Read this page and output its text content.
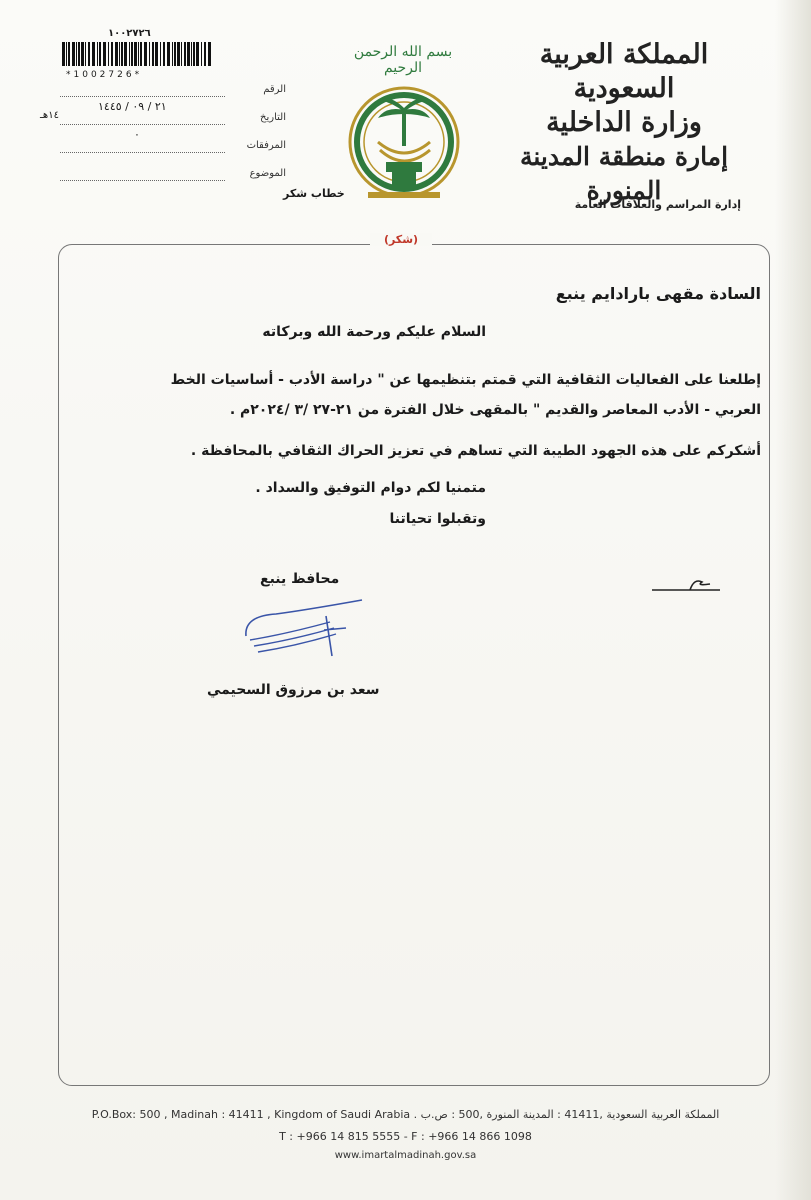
المملكة العربية السعودية
وزارة الداخلية
إمارة منطقة المدينة المنورة
إدارة المراسم والعلاقات العامة
بسم الله الرحمن الرحيم
١٠٠٢٧٢٦
*1002726*
الرقم
التاريخ
٢١ / ٠٩ / ١٤٤٥
١٤هـ
المرفقات
٠
الموضوع
خطاب شكر
(شكر)
السادة مقهى بارادايم ينبع
السلام عليكم ورحمة الله وبركاته
إطلعنا على الفعاليات الثقافية التي قمتم بتنظيمها عن " دراسة الأدب - أساسيات الخط
العربي - الأدب المعاصر والقديم " بالمقهى خلال الفترة من ٢١-٢٧ /٣ /٢٠٢٤م .
أشكركم على هذه الجهود الطيبة التي تساهم في تعزيز الحراك الثقافي بالمحافظة .
متمنيا لكم دوام التوفيق والسداد .
وتقبلوا تحياتنا
محافظ ينبع
سعد بن مرزوق السحيمي
P.O.Box: 500 , Madinah : 41411 , Kingdom of Saudi Arabia . المملكة العربية السعودية ,41411 : المدينة المنورة ,500 : ص.ب
T : +966 14 815 5555 - F : +966 14 866 1098
www.imartalmadinah.gov.sa
